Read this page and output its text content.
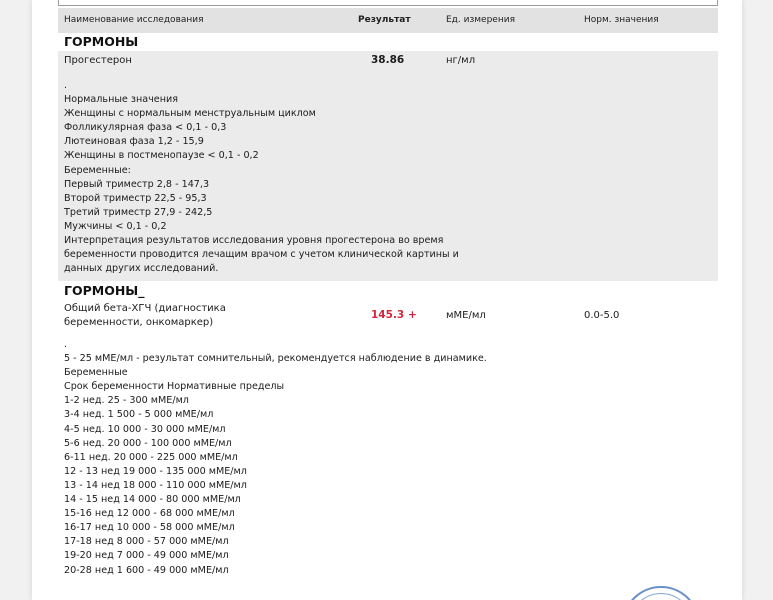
Наименование исследования	Результат	Ед. измерения	Норм. значения
ГОРМОНЫ
Прогестерон	38.86	нг/мл
.
Нормальные значения
Женщины с нормальным менструальным циклом
Фолликулярная фаза < 0,1 - 0,3
Лютеиновая фаза 1,2 - 15,9
Женщины в постменопаузе < 0,1 - 0,2
Беременные:
Первый триместр 2,8 - 147,3
Второй триместр 22,5 - 95,3
Третий триместр 27,9 - 242,5
Мужчины < 0,1 - 0,2
Интерпретация результатов исследования уровня прогестерона во время
беременности проводится лечащим врачом с учетом клинической картины и
данных других исследований.
ГОРМОНЫ_
Общий бета-ХГЧ (диагностика
беременности, онкомаркер)
145.3 +	мМЕ/мл	0.0-5.0
.
5 - 25 мМЕ/мл - результат сомнительный, рекомендуется наблюдение в динамике.
Беременные
Срок беременности Нормативные пределы
1-2 нед. 25 - 300 мМЕ/мл
3-4 нед. 1 500 - 5 000 мМЕ/мл
4-5 нед. 10 000 - 30 000 мМЕ/мл
5-6 нед. 20 000 - 100 000 мМЕ/мл
6-11 нед. 20 000 - 225 000 мМЕ/мл
12 - 13 нед 19 000 - 135 000 мМЕ/мл
13 - 14 нед 18 000 - 110 000 мМЕ/мл
14 - 15 нед 14 000 - 80 000 мМЕ/мл
15-16 нед 12 000 - 68 000 мМЕ/мл
16-17 нед 10 000 - 58 000 мМЕ/мл
17-18 нед 8 000 - 57 000 мМЕ/мл
19-20 нед 7 000 - 49 000 мМЕ/мл
20-28 нед 1 600 - 49 000 мМЕ/мл
